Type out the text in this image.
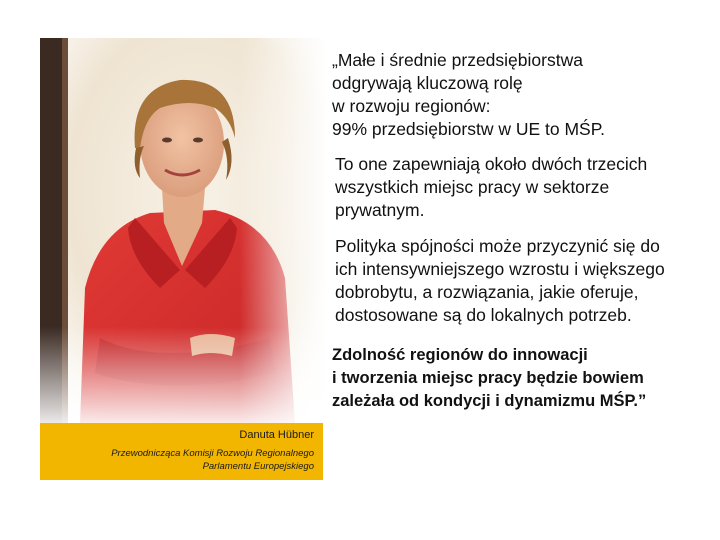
Danuta Hübner
Przewodnicząca Komisji Rozwoju Regionalnego
Parlamentu Europejskiego

„Małe i średnie przedsiębiorstwa
odgrywają kluczową rolę
w rozwoju regionów:
99% przedsiębiorstw w UE to MŚP.

To one zapewniają około dwóch trzecich
wszystkich miejsc pracy w sektorze
prywatnym.

Polityka spójności może przyczynić się do
ich intensywniejszego wzrostu i większego
dobrobytu, a rozwiązania, jakie oferuje,
dostosowane są do lokalnych potrzeb.

Zdolność regionów do innowacji
i tworzenia miejsc pracy będzie bowiem
zależała od kondycji i dynamizmu MŚP.”
